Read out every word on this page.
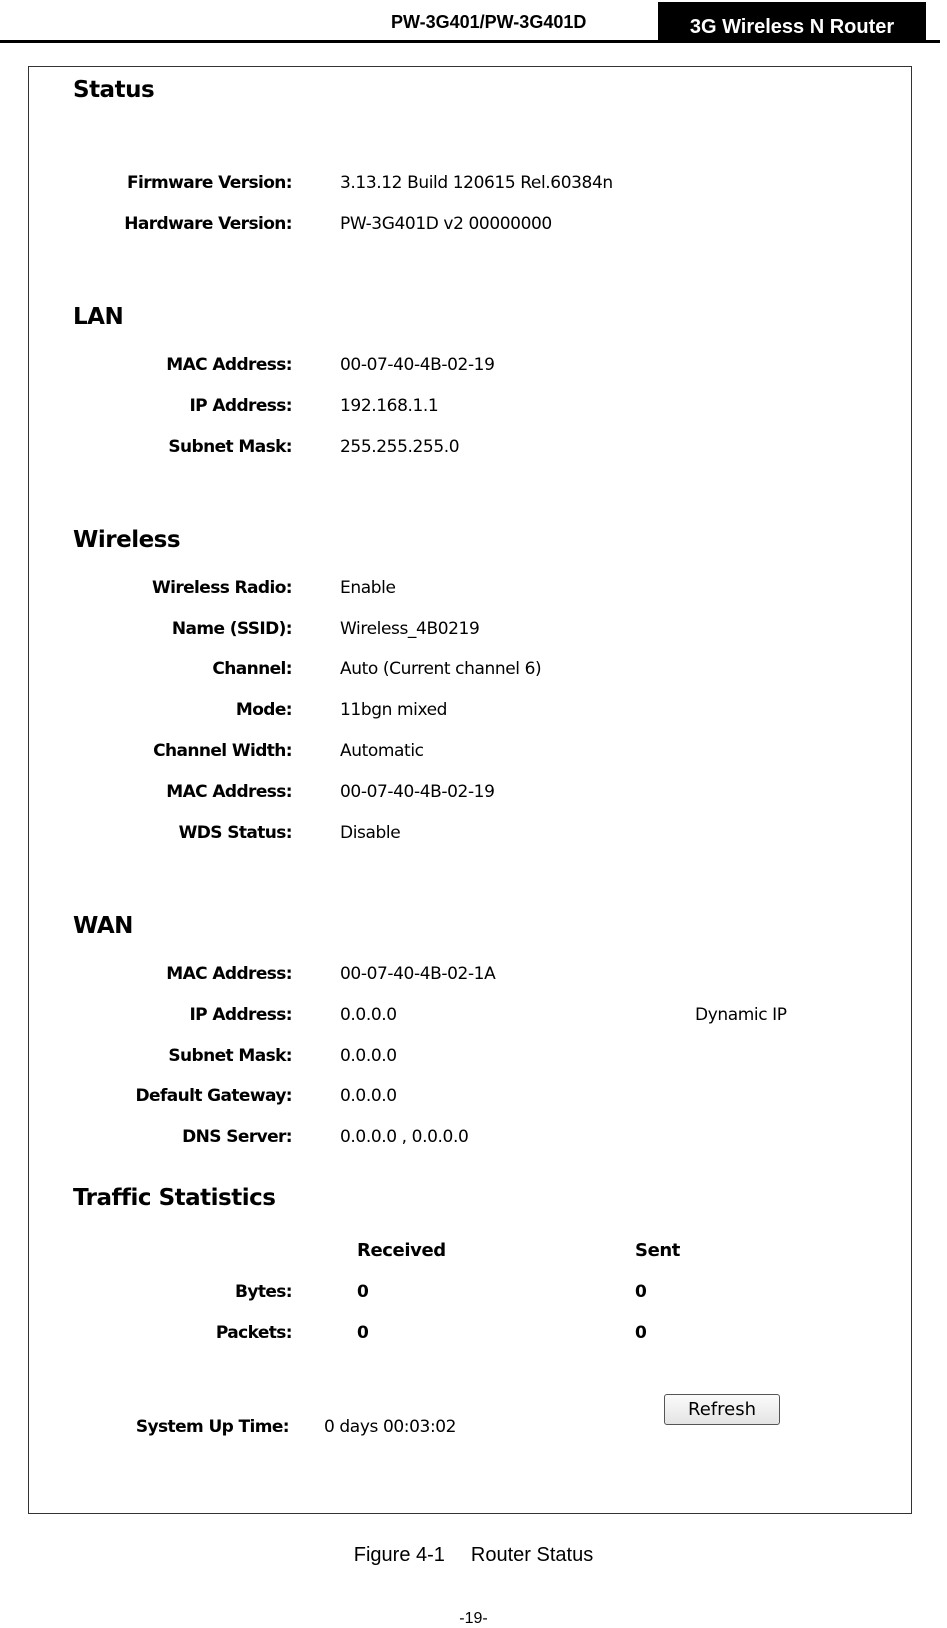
PW-3G401/PW-3G401D	3G Wireless N Router
Status
Firmware Version:	3.13.12 Build 120615 Rel.60384n
Hardware Version:	PW-3G401D v2 00000000
LAN
MAC Address:	00-07-40-4B-02-19
IP Address:	192.168.1.1
Subnet Mask:	255.255.255.0
Wireless
Wireless Radio:	Enable
Name (SSID):	Wireless_4B0219
Channel:	Auto (Current channel 6)
Mode:	11bgn mixed
Channel Width:	Automatic
MAC Address:	00-07-40-4B-02-19
WDS Status:	Disable
WAN
MAC Address:	00-07-40-4B-02-1A
IP Address:	0.0.0.0	Dynamic IP
Subnet Mask:	0.0.0.0
Default Gateway:	0.0.0.0
DNS Server:	0.0.0.0 , 0.0.0.0
Traffic Statistics
Received	Sent
Bytes:	0	0
Packets:	0	0
System Up Time: 0 days 00:03:02
Refresh
Figure 4-1 Router Status
-19-
